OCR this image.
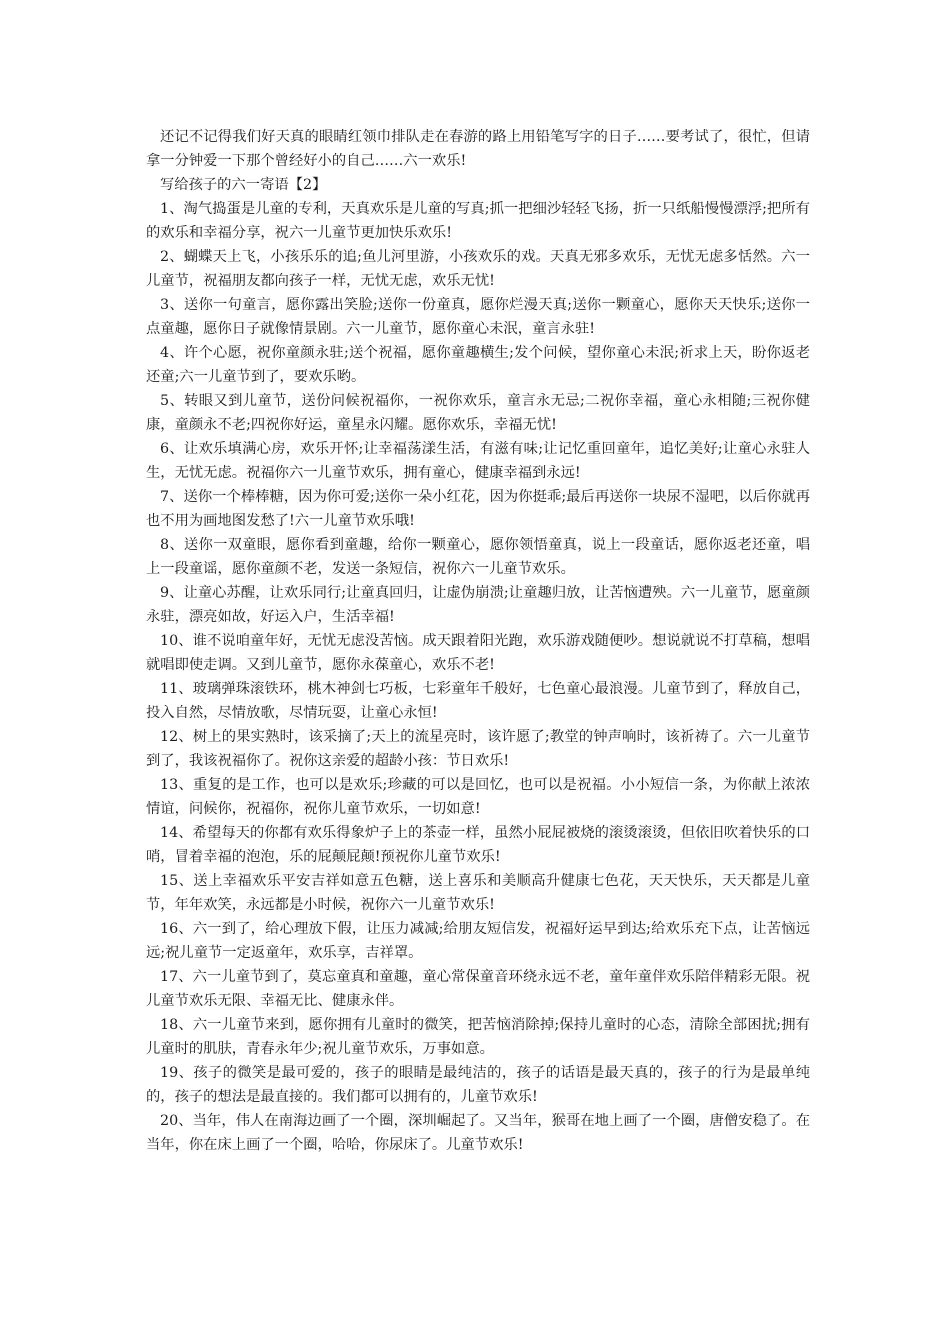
还记不记得我们好天真的眼睛红领巾排队走在春游的路上用铅笔写字的日子……要考试了，很忙，但请拿一分钟爱一下那个曾经好小的自己……六一欢乐!

写给孩子的六一寄语【2】

1、淘气捣蛋是儿童的专利，天真欢乐是儿童的写真;抓一把细沙轻轻飞扬，折一只纸船慢慢漂浮;把所有的欢乐和幸福分享，祝六一儿童节更加快乐欢乐!

2、蝴蝶天上飞，小孩乐乐的追;鱼儿河里游，小孩欢乐的戏。天真无邪多欢乐，无忧无虑多恬然。六一儿童节，祝福朋友都向孩子一样，无忧无虑，欢乐无忧!

3、送你一句童言，愿你露出笑脸;送你一份童真，愿你烂漫天真;送你一颗童心，愿你天天快乐;送你一点童趣，愿你日子就像情景剧。六一儿童节，愿你童心未泯，童言永驻!

4、许个心愿，祝你童颜永驻;送个祝福，愿你童趣横生;发个问候，望你童心未泯;祈求上天，盼你返老还童;六一儿童节到了，要欢乐哟。

5、转眼又到儿童节，送份问候祝福你，一祝你欢乐，童言永无忌;二祝你幸福，童心永相随;三祝你健康，童颜永不老;四祝你好运，童星永闪耀。愿你欢乐，幸福无忧!

6、让欢乐填满心房，欢乐开怀;让幸福荡漾生活，有滋有味;让记忆重回童年，追忆美好;让童心永驻人生，无忧无虑。祝福你六一儿童节欢乐，拥有童心，健康幸福到永远!

7、送你一个棒棒糖，因为你可爱;送你一朵小红花，因为你挺乖;最后再送你一块尿不湿吧，以后你就再也不用为画地图发愁了!六一儿童节欢乐哦!

8、送你一双童眼，愿你看到童趣，给你一颗童心，愿你领悟童真，说上一段童话，愿你返老还童，唱上一段童谣，愿你童颜不老，发送一条短信，祝你六一儿童节欢乐。

9、让童心苏醒，让欢乐同行;让童真回归，让虚伪崩溃;让童趣归放，让苦恼遭殃。六一儿童节，愿童颜永驻，漂亮如故，好运入户，生活幸福!

10、谁不说咱童年好，无忧无虑没苦恼。成天跟着阳光跑，欢乐游戏随便吵。想说就说不打草稿，想唱就唱即使走调。又到儿童节，愿你永葆童心，欢乐不老!

11、玻璃弹珠滚铁环，桃木神剑七巧板，七彩童年千般好，七色童心最浪漫。儿童节到了，释放自己，投入自然，尽情放歌，尽情玩耍，让童心永恒!

12、树上的果实熟时，该采摘了;天上的流星亮时，该许愿了;教堂的钟声响时，该祈祷了。六一儿童节到了，我该祝福你了。祝你这亲爱的超龄小孩：节日欢乐!

13、重复的是工作，也可以是欢乐;珍藏的可以是回忆，也可以是祝福。小小短信一条，为你献上浓浓情谊，问候你，祝福你，祝你儿童节欢乐，一切如意!

14、希望每天的你都有欢乐得象炉子上的茶壶一样，虽然小屁屁被烧的滚烫滚烫，但依旧吹着快乐的口哨，冒着幸福的泡泡，乐的屁颠屁颠!预祝你儿童节欢乐!

15、送上幸福欢乐平安吉祥如意五色糖，送上喜乐和美顺高升健康七色花，天天快乐，天天都是儿童节，年年欢笑，永远都是小时候，祝你六一儿童节欢乐!

16、六一到了，给心理放下假，让压力减减;给朋友短信发，祝福好运早到达;给欢乐充下点，让苦恼远远;祝儿童节一定返童年，欢乐享，吉祥罩。

17、六一儿童节到了，莫忘童真和童趣，童心常保童音环绕永远不老，童年童伴欢乐陪伴精彩无限。祝儿童节欢乐无限、幸福无比、健康永伴。

18、六一儿童节来到，愿你拥有儿童时的微笑，把苦恼消除掉;保持儿童时的心态，清除全部困扰;拥有儿童时的肌肤，青春永年少;祝儿童节欢乐，万事如意。

19、孩子的微笑是最可爱的，孩子的眼睛是最纯洁的，孩子的话语是最天真的，孩子的行为是最单纯的，孩子的想法是最直接的。我们都可以拥有的，儿童节欢乐!

20、当年，伟人在南海边画了一个圈，深圳崛起了。又当年，猴哥在地上画了一个圈，唐僧安稳了。在当年，你在床上画了一个圈，哈哈，你尿床了。儿童节欢乐!
